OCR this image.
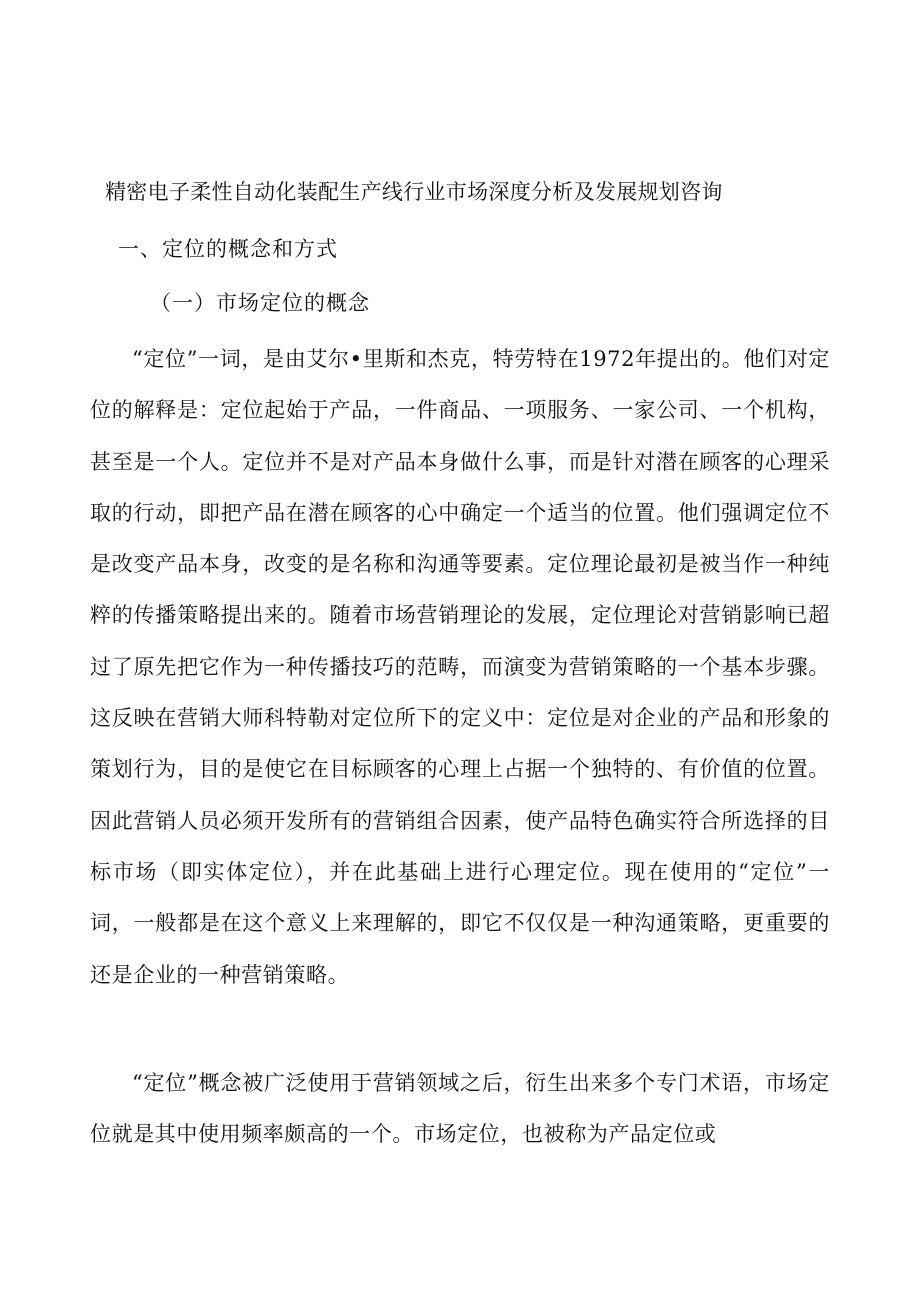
精密电子柔性自动化装配生产线行业市场深度分析及发展规划咨询
一、定位的概念和方式
（一）市场定位的概念

“定位”一词，是由艾尔•里斯和杰克，特劳特在1972年提出的。他们对定位的解释是：定位起始于产品，一件商品、一项服务、一家公司、一个机构，甚至是一个人。定位并不是对产品本身做什么事，而是针对潜在顾客的心理采取的行动，即把产品在潜在顾客的心中确定一个适当的位置。他们强调定位不是改变产品本身，改变的是名称和沟通等要素。定位理论最初是被当作一种纯粹的传播策略提出来的。随着市场营销理论的发展，定位理论对营销影响已超过了原先把它作为一种传播技巧的范畴，而演变为营销策略的一个基本步骤。这反映在营销大师科特勒对定位所下的定义中：定位是对企业的产品和形象的策划行为，目的是使它在目标顾客的心理上占据一个独特的、有价值的位置。因此营销人员必须开发所有的营销组合因素，使产品特色确实符合所选择的目标市场（即实体定位），并在此基础上进行心理定位。现在使用的“定位”一词，一般都是在这个意义上来理解的，即它不仅仅是一种沟通策略，更重要的还是企业的一种营销策略。

“定位”概念被广泛使用于营销领域之后，衍生出来多个专门术语，市场定位就是其中使用频率颇高的一个。市场定位，也被称为产品定位或
